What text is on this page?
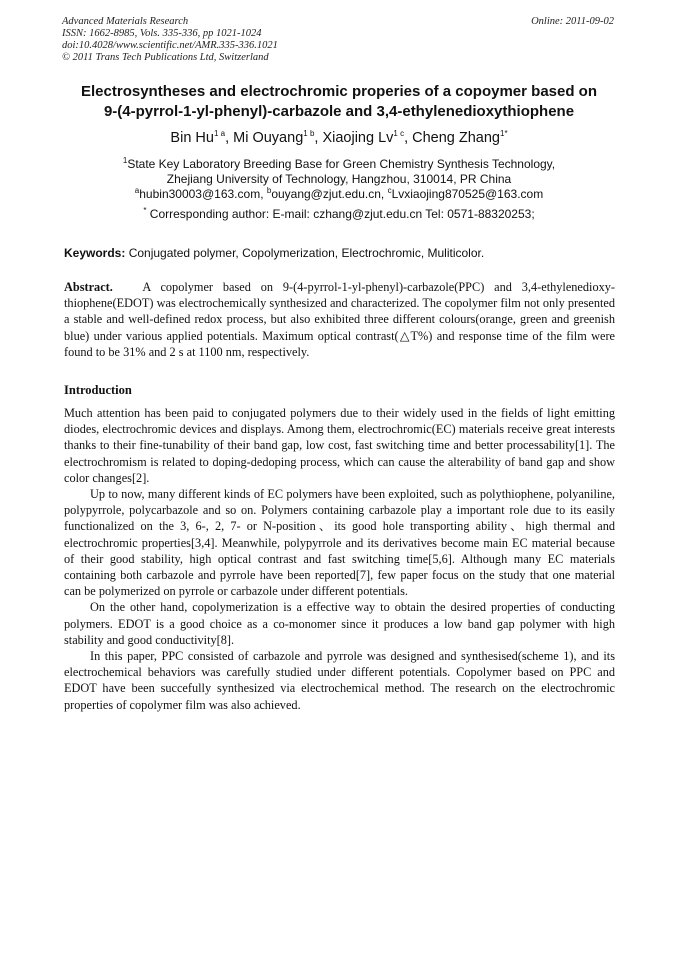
Advanced Materials Research
ISSN: 1662-8985, Vols. 335-336, pp 1021-1024
doi:10.4028/www.scientific.net/AMR.335-336.1021
© 2011 Trans Tech Publications Ltd, Switzerland
Online: 2011-09-02
Electrosyntheses and electrochromic properies of a copoymer based on
9-(4-pyrrol-1-yl-phenyl)-carbazole and 3,4-ethylenedioxythiophene
Bin $Hu^{1 a}$, Mi Ouyang$^{1 b}$, Xiaojing $Lv^{1 c}$, Cheng Zhang$^{1*}$
$^1$State Key Laboratory Breeding Base for Green Chemistry Synthesis Technology,
Zhejiang University of Technology, Hangzhou, 310014, PR China
$^a$hubin30003@163.com, $^b$ouyang@zjut.edu.cn, $^c$Lvxiaojing870525@163.com
* Corresponding author: E-mail: czhang@zjut.edu.cn Tel: 0571-88320253;
Keywords: Conjugated polymer, Copolymerization, Electrochromic, Muliticolor.

Abstract. A copolymer based on 9-(4-pyrrol-1-yl-phenyl)-carbazole(PPC) and 3,4-ethylenedioxy-thiophene(EDOT) was electrochemically synthesized and characterized. The copolymer film not only presented a stable and well-defined redox process, but also exhibited three different colours(orange, green and greenish blue) under various applied potentials. Maximum optical contrast(△T%) and response time of the film were found to be 31% and 2 s at 1100 nm, respectively.

Introduction

Much attention has been paid to conjugated polymers due to their widely used in the fields of light emitting diodes, electrochromic devices and displays. Among them, electrochromic(EC) materials receive great interests thanks to their fine-tunability of their band gap, low cost, fast switching time and better processability[1]. The electrochromism is related to doping-dedoping process, which can cause the alterability of band gap and show color changes[2].

Up to now, many different kinds of EC polymers have been exploited, such as polythiophene, polyaniline, polypyrrole, polycarbazole and so on. Polymers containing carbazole play a important role due to its easily functionalized on the 3, 6-, 2, 7- or N-position、its good hole transporting ability、high thermal and electrochromic properties[3,4]. Meanwhile, polypyrrole and its derivatives become main EC material because of their good stability, high optical contrast and fast switching time[5,6]. Although many EC materials containing both carbazole and pyrrole have been reported[7], few paper focus on the study that one material can be polymerized on pyrrole or carbazole under different potentials.

On the other hand, copolymerization is a effective way to obtain the desired properties of conducting polymers. EDOT is a good choice as a co-monomer since it produces a low band gap polymer with high stability and good conductivity[8].

In this paper, PPC consisted of carbazole and pyrrole was designed and synthesised(scheme 1), and its electrochemical behaviors was carefully studied under different potentials. Copolymer based on PPC and EDOT have been succefully synthesized via electrochemical method. The research on the electrochromic properties of copolymer film was also achieved.
